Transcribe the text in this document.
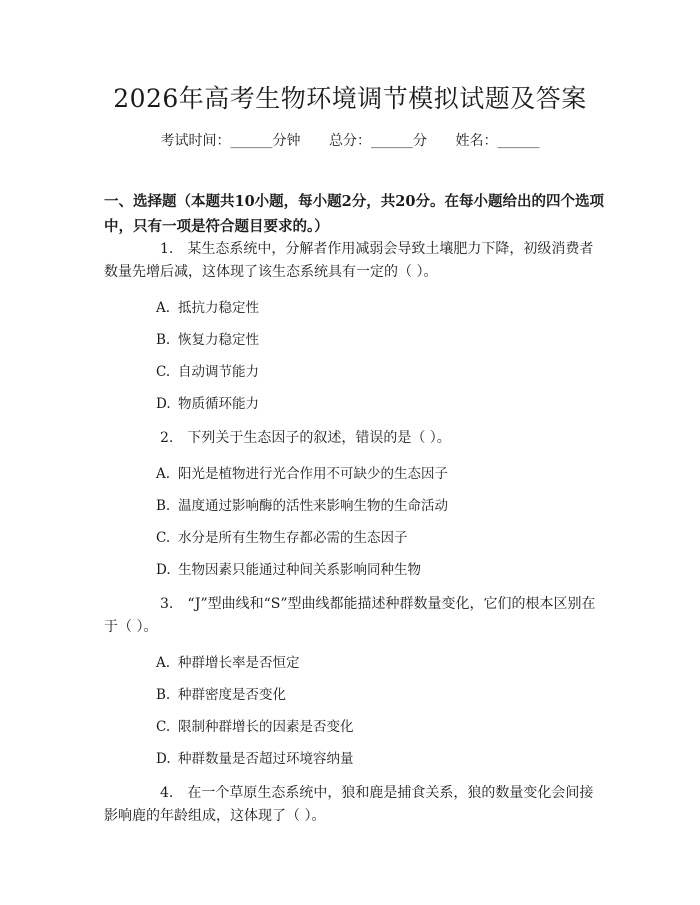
2026年高考生物环境调节模拟试题及答案
考试时间：______分钟 总分：______分 姓名：______
一、选择题（本题共10小题，每小题2分，共20分。在每小题给出的四个选项中，只有一项是符合题目要求的。）
1. 某生态系统中，分解者作用减弱会导致土壤肥力下降，初级消费者数量先增后减，这体现了该生态系统具有一定的（ ）。
A. 抵抗力稳定性
B. 恢复力稳定性
C. 自动调节能力
D. 物质循环能力
2. 下列关于生态因子的叙述，错误的是（ ）。
A. 阳光是植物进行光合作用不可缺少的生态因子
B. 温度通过影响酶的活性来影响生物的生命活动
C. 水分是所有生物生存都必需的生态因子
D. 生物因素只能通过种间关系影响同种生物
3. “J”型曲线和“S”型曲线都能描述种群数量变化，它们的根本区别在于（ ）。
A. 种群增长率是否恒定
B. 种群密度是否变化
C. 限制种群增长的因素是否变化
D. 种群数量是否超过环境容纳量
4. 在一个草原生态系统中，狼和鹿是捕食关系，狼的数量变化会间接影响鹿的年龄组成，这体现了（ ）。
